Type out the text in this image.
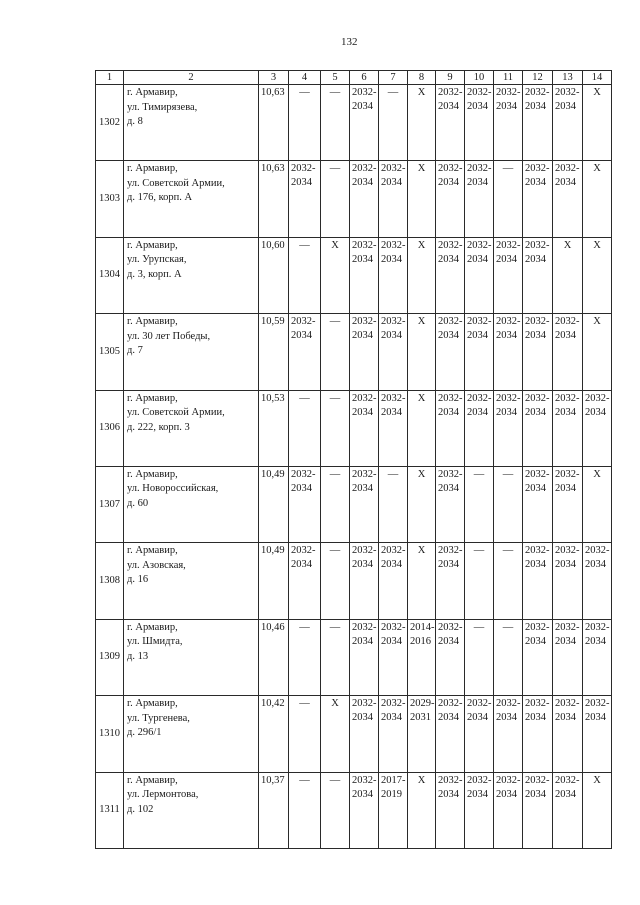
132
1	2	3	4	5	6	7	8	9	10	11	12	13	14
1302	г. Армавир,
ул. Тимирязева,
д. 8	10,63	—	—	2032-2034	—	Х	2032-2034	2032-2034	2032-2034	2032-2034	2032-2034	Х
1303	г. Армавир,
ул. Советской Армии,
д. 176, корп. А	10,63	2032-2034	—	2032-2034	2032-2034	Х	2032-2034	2032-2034	—	2032-2034	2032-2034	Х
1304	г. Армавир,
ул. Урупская,
д. 3, корп. А	10,60	—	Х	2032-2034	2032-2034	Х	2032-2034	2032-2034	2032-2034	2032-2034	Х	Х
1305	г. Армавир,
ул. 30 лет Победы,
д. 7	10,59	2032-2034	—	2032-2034	2032-2034	Х	2032-2034	2032-2034	2032-2034	2032-2034	2032-2034	Х
1306	г. Армавир,
ул. Советской Армии,
д. 222, корп. 3	10,53	—	—	2032-2034	2032-2034	Х	2032-2034	2032-2034	2032-2034	2032-2034	2032-2034	2032-2034

1307	г. Армавир,
ул. Новороссийская,
д. 60	10,49	2032-2034	—	2032-2034	—	Х	2032-2034	—	—	2032-2034	2032-2034	Х
1308	г. Армавир,
ул. Азовская,
д. 16	10,49	2032-2034	—	2032-2034	2032-2034	Х	2032-2034	—	—	2032-2034	2032-2034	2032-2034

1309	г. Армавир,
ул. Шмидта,
д. 13	10,46	—	—	2032-2034	2032-2034	2014-2016	2032-2034	—	—	2032-2034	2032-2034	2032-2034

1310	г. Армавир,
ул. Тургенева,
д. 296/1	10,42	—	Х	2032-2034	2032-2034	2029-2031	2032-2034	2032-2034	2032-2034	2032-2034	2032-2034	2032-2034

1311	г. Армавир,
ул. Лермонтова,
д. 102	10,37	—	—	2032-2034	2017-2019	Х	2032-2034	2032-2034	2032-2034	2032-2034	2032-2034	Х
